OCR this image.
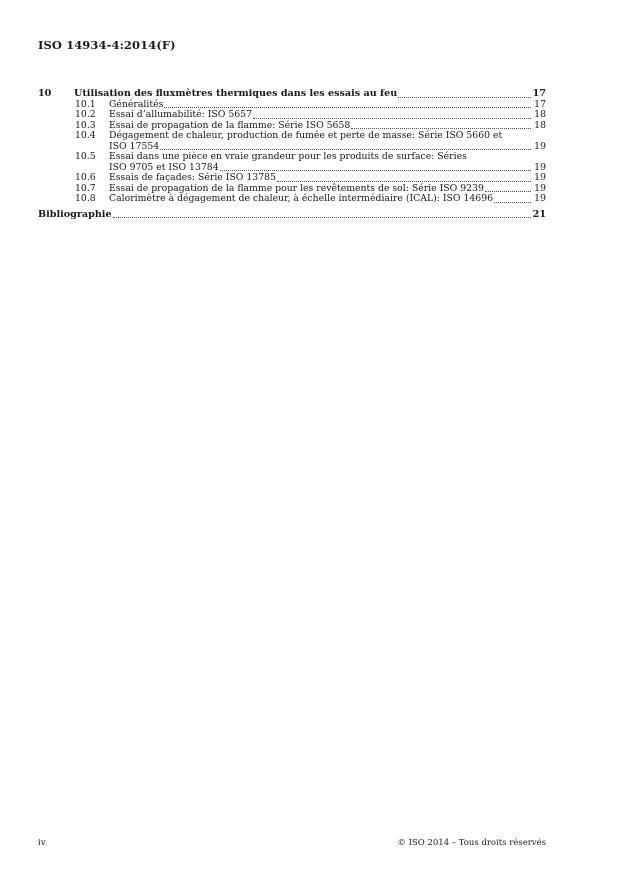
ISO 14934-4:2014(F)
10 Utilisation des fluxmètres thermiques dans les essais au feu	17
10.1 Généralités	17
10.2 Essai d’allumabilité: ISO 5657	18
10.3 Essai de propagation de la flamme: Série ISO 5658	18
10.4 Dégagement de chaleur, production de fumée et perte de masse: Série ISO 5660 et
ISO 17554	19
10.5 Essai dans une pièce en vraie grandeur pour les produits de surface: Séries
ISO 9705 et ISO 13784	19
10.6 Essais de façades: Série ISO 13785	19
10.7 Essai de propagation de la flamme pour les revêtements de sol: Série ISO 9239	19
10.8 Calorimètre à dégagement de chaleur, à échelle intermédiaire (ICAL): ISO 14696	19
Bibliographie	21
iv	© ISO 2014 – Tous droits réservés
